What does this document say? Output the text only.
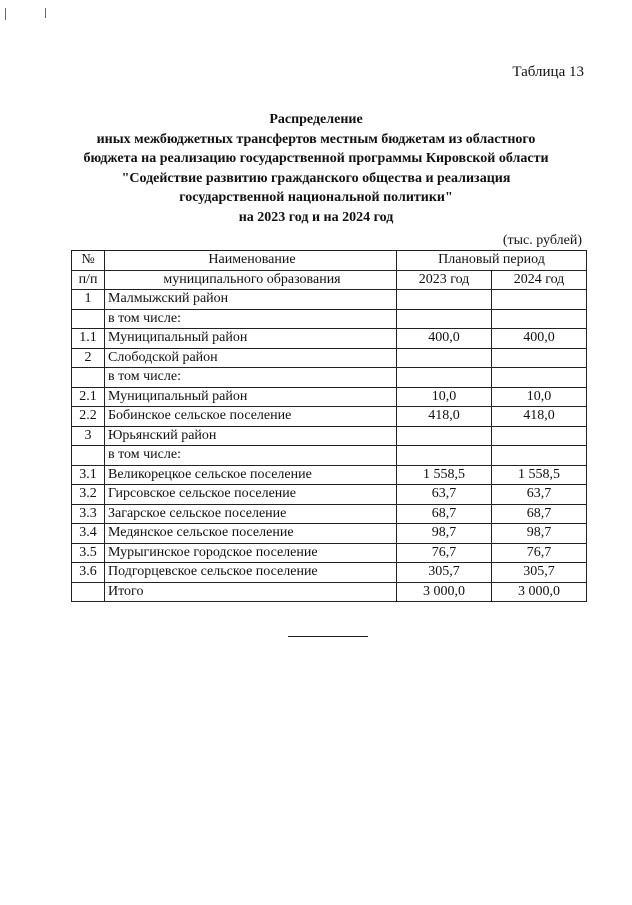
Таблица 13
Распределение
иных межбюджетных трансфертов местным бюджетам из областного
бюджета на реализацию государственной программы Кировской области
"Содействие развитию гражданского общества и реализация
государственной национальной политики"
на 2023 год и на 2024 год
(тыс. рублей)
№	Наименование	Плановый период	
п/п	муниципального образования	2023 год	2024 год
1	Малмыжский район		
	в том числе:		
1.1	Муниципальный район	400,0	400,0
2	Слободской район		
	в том числе:		
2.1	Муниципальный район	10,0	10,0
2.2	Бобинское сельское поселение	418,0	418,0
3	Юрьянский район		
	в том числе:		
3.1	Великорецкое сельское поселение	1 558,5	1 558,5
3.2	Гирсовское сельское поселение	63,7	63,7
3.3	Загарское сельское поселение	68,7	68,7
3.4	Медянское сельское поселение	98,7	98,7
3.5	Мурыгинское городское поселение	76,7	76,7
3.6	Подгорцевское сельское поселение	305,7	305,7
	Итого	3 000,0	3 000,0
